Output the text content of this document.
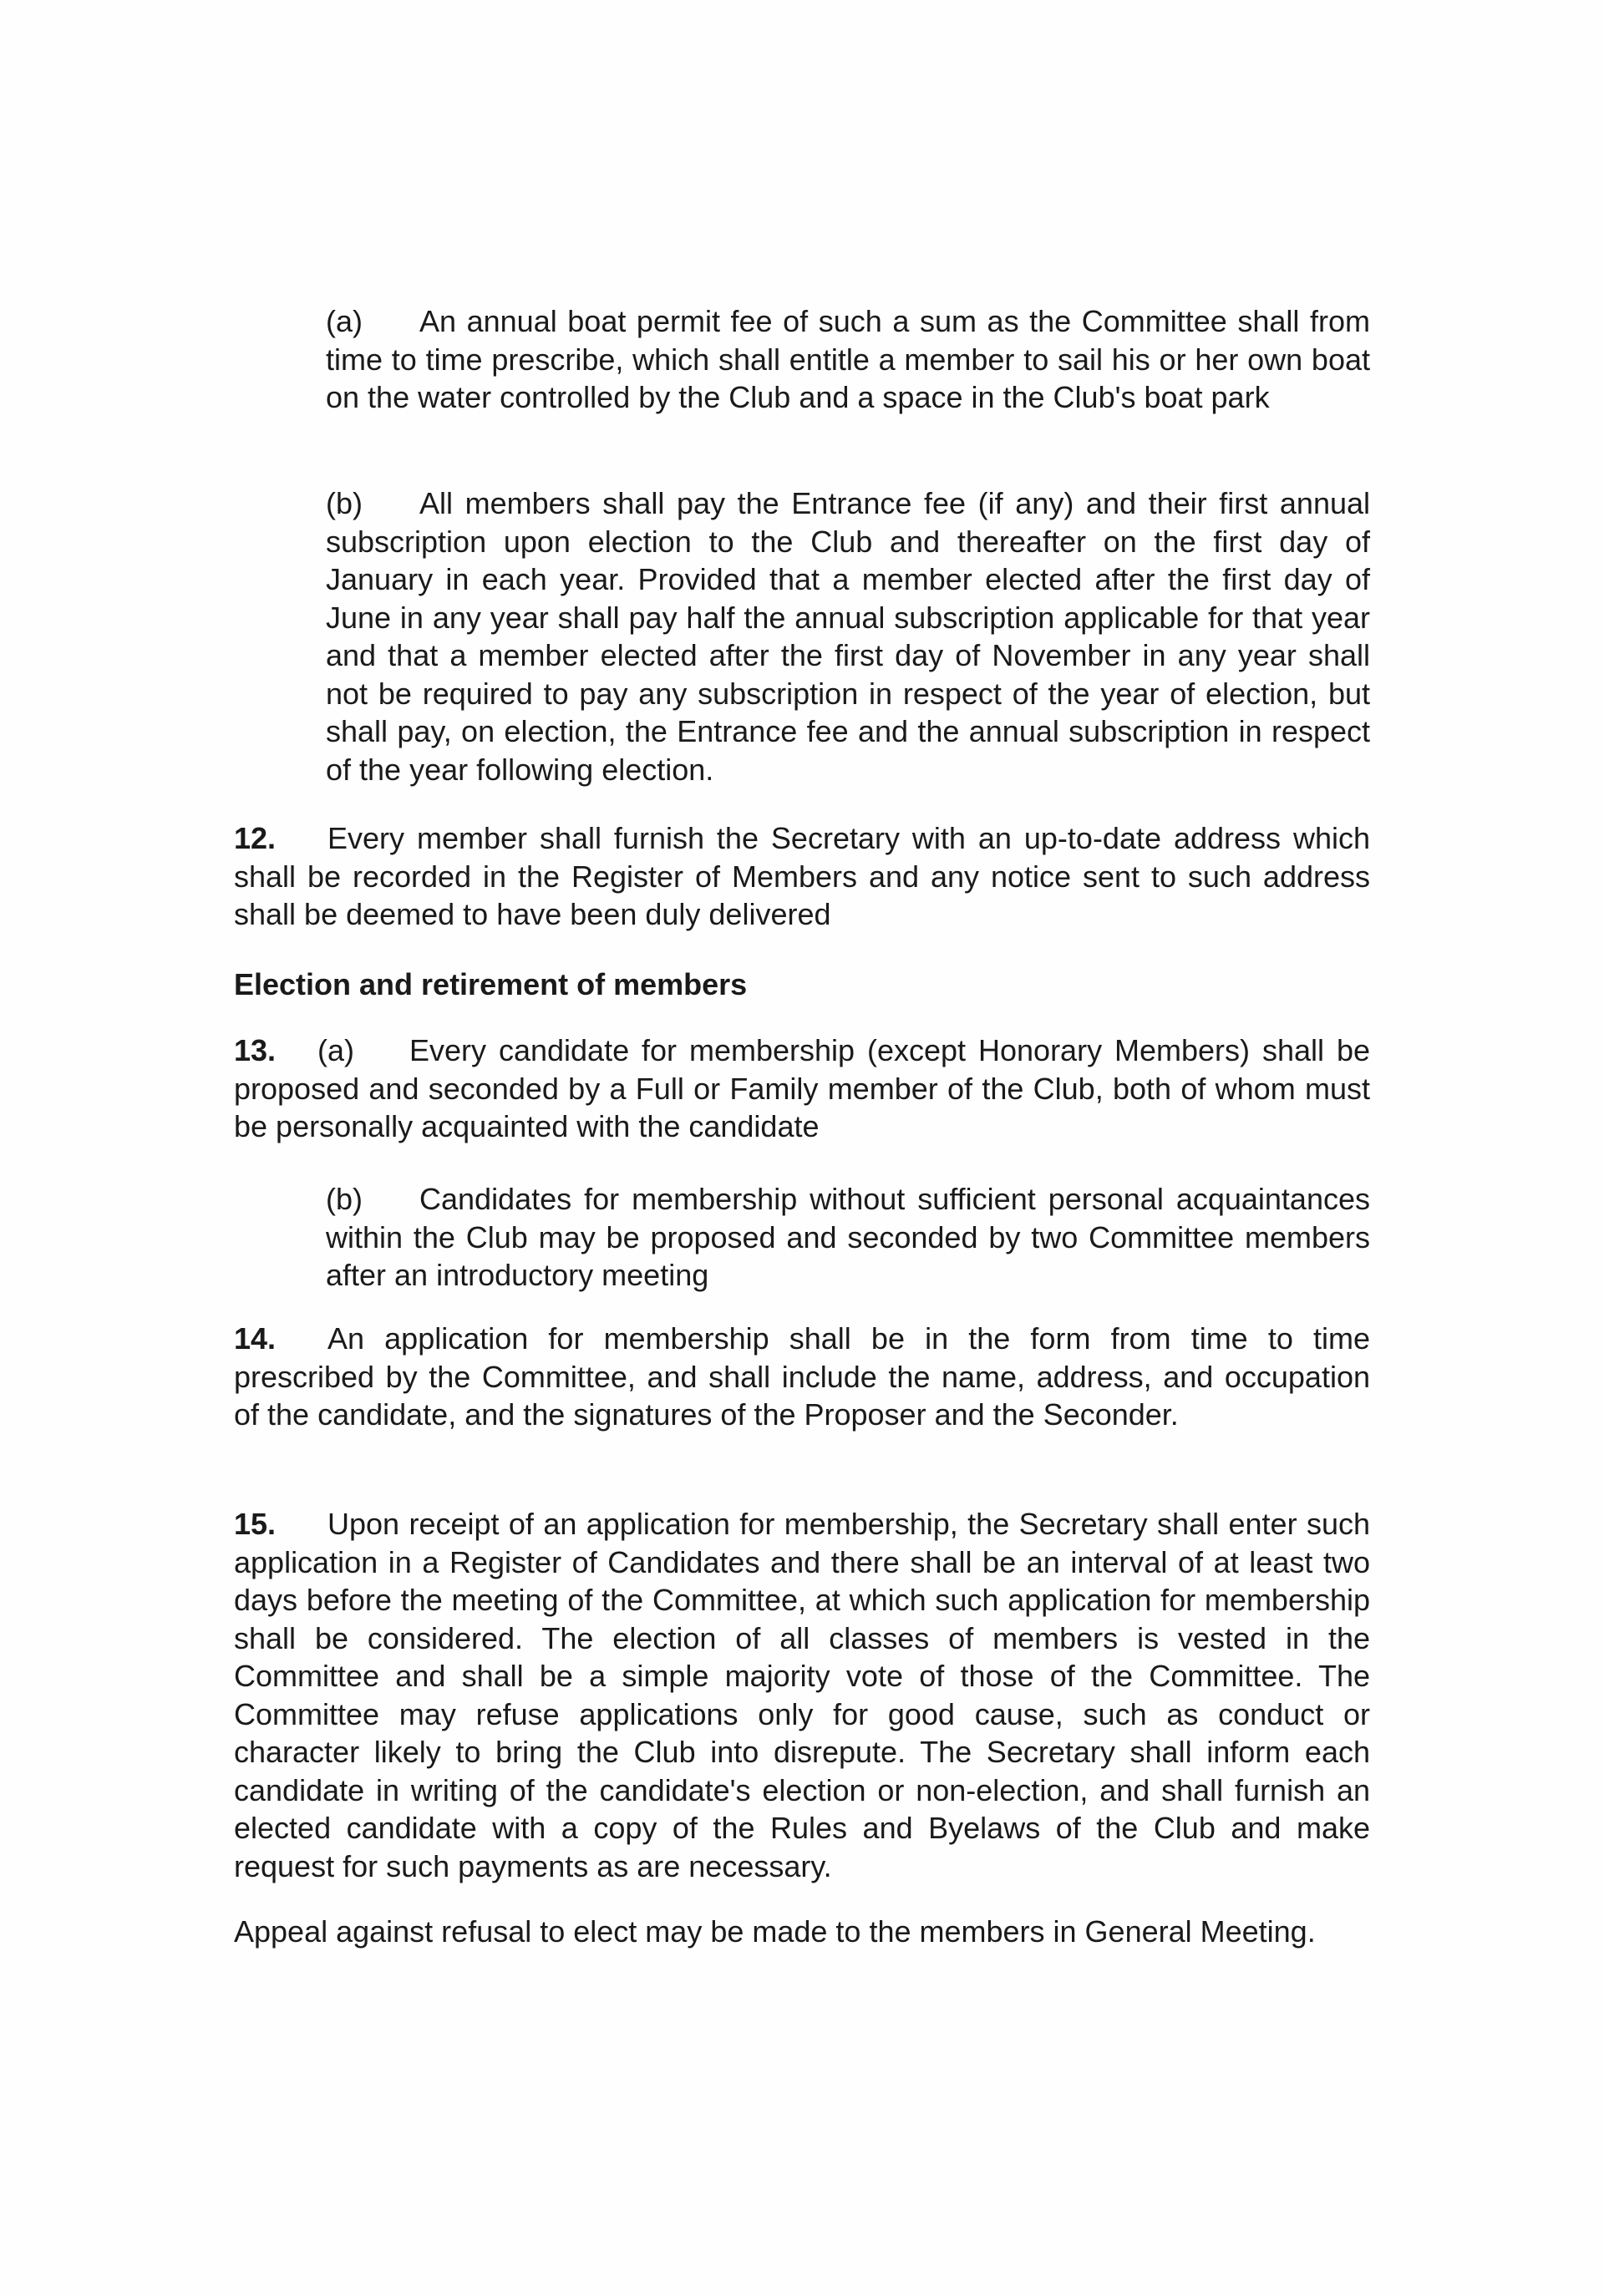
(a) An annual boat permit fee of such a sum as the Committee shall from time to time prescribe, which shall entitle a member to sail his or her own boat on the water controlled by the Club and a space in the Club's boat park

(b) All members shall pay the Entrance fee (if any) and their first annual subscription upon election to the Club and thereafter on the first day of January in each year. Provided that a member elected after the first day of June in any year shall pay half the annual subscription applicable for that year and that a member elected after the first day of November in any year shall not be required to pay any subscription in respect of the year of election, but shall pay, on election, the Entrance fee and the annual subscription in respect of the year following election.

12. Every member shall furnish the Secretary with an up-to-date address which shall be recorded in the Register of Members and any notice sent to such address shall be deemed to have been duly delivered

Election and retirement of members

13. (a) Every candidate for membership (except Honorary Members) shall be proposed and seconded by a Full or Family member of the Club, both of whom must be personally acquainted with the candidate

(b) Candidates for membership without sufficient personal acquaintances within the Club may be proposed and seconded by two Committee members after an introductory meeting

14. An application for membership shall be in the form from time to time prescribed by the Committee, and shall include the name, address, and occupation of the candidate, and the signatures of the Proposer and the Seconder.

15. Upon receipt of an application for membership, the Secretary shall enter such application in a Register of Candidates and there shall be an interval of at least two days before the meeting of the Committee, at which such application for membership shall be considered. The election of all classes of members is vested in the Committee and shall be a simple majority vote of those of the Committee. The Committee may refuse applications only for good cause, such as conduct or character likely to bring the Club into disrepute. The Secretary shall inform each candidate in writing of the candidate's election or non-election, and shall furnish an elected candidate with a copy of the Rules and Byelaws of the Club and make request for such payments as are necessary.

Appeal against refusal to elect may be made to the members in General Meeting.
